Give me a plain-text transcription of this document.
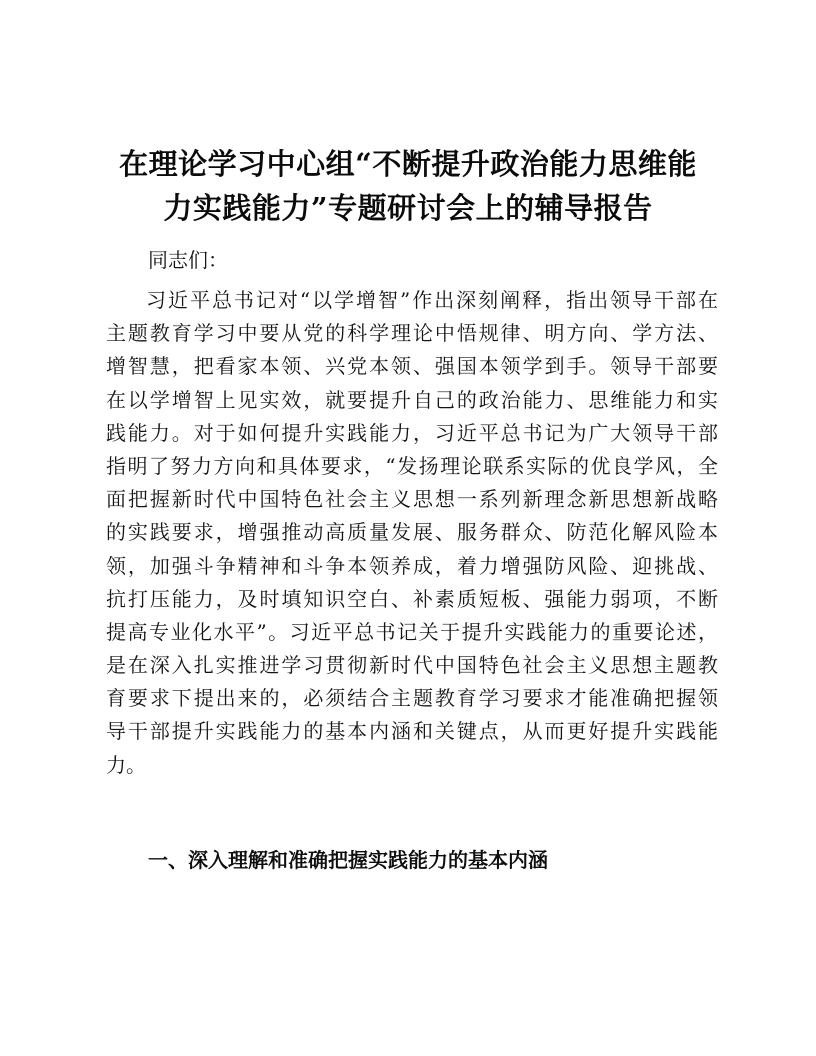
在理论学习中心组“不断提升政治能力思维能
力实践能力”专题研讨会上的辅导报告
同志们：
习近平总书记对“以学增智”作出深刻阐释，指出领导干部在
主题教育学习中要从党的科学理论中悟规律、明方向、学方法、
增智慧，把看家本领、兴党本领、强国本领学到手。领导干部要
在以学增智上见实效，就要提升自己的政治能力、思维能力和实
践能力。对于如何提升实践能力，习近平总书记为广大领导干部
指明了努力方向和具体要求，“发扬理论联系实际的优良学风，全
面把握新时代中国特色社会主义思想一系列新理念新思想新战略
的实践要求，增强推动高质量发展、服务群众、防范化解风险本
领，加强斗争精神和斗争本领养成，着力增强防风险、迎挑战、
抗打压能力，及时填知识空白、补素质短板、强能力弱项，不断
提高专业化水平”。习近平总书记关于提升实践能力的重要论述，
是在深入扎实推进学习贯彻新时代中国特色社会主义思想主题教
育要求下提出来的，必须结合主题教育学习要求才能准确把握领
导干部提升实践能力的基本内涵和关键点，从而更好提升实践能
力。
一、深入理解和准确把握实践能力的基本内涵
